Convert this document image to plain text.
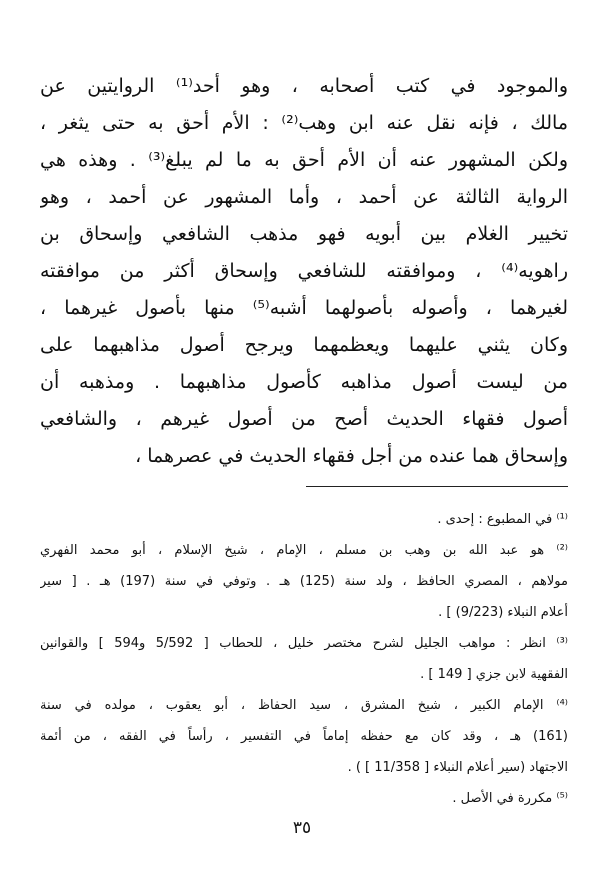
والموجود في كتب أصحابه ، وهو أحد⁽¹⁾ الروايتين عن
مالك ، فإنه نقل عنه ابن وهب⁽²⁾ : الأم أحق به حتى يثغر ،
ولكن المشهور عنه أن الأم أحق به ما لم يبلغ⁽³⁾ . وهذه هي
الرواية الثالثة عن أحمد ، وأما المشهور عن أحمد ، وهو
تخيير الغلام بين أبويه فهو مذهب الشافعي وإسحاق بن
راهويه⁽⁴⁾ ، وموافقته للشافعي وإسحاق أكثر من موافقته
لغيرهما ، وأصوله بأصولهما أشبه⁽⁵⁾ منها بأصول غيرهما ،
وكان يثني عليهما ويعظمهما ويرجح أصول مذاهبهما على
من ليست أصول مذاهبه كأصول مذاهبهما . ومذهبه أن
أصول فقهاء الحديث أصح من أصول غيرهم ، والشافعي
وإسحاق هما عنده من أجل فقهاء الحديث في عصرهما ،
⁽¹⁾ في المطبوع : إحدى .
⁽²⁾ هو عبد الله بن وهب بن مسلم ، الإمام ، شيخ الإسلام ، أبو محمد الفهري
مولاهم ، المصري الحافظ ، ولد سنة (125) هـ . وتوفي في سنة (197) هـ . [ سير
أعلام النبلاء (9/223) ] .
⁽³⁾ انظر : مواهب الجليل لشرح مختصر خليل ، للحطاب [ 5/592 و594 ] والقوانين
الفقهية لابن جزي [ 149 ] .
⁽⁴⁾ الإمام الكبير ، شيخ المشرق ، سيد الحفاظ ، أبو يعقوب ، مولده في سنة
(161) هـ ، وقد كان مع حفظه إماماً في التفسير ، رأساً في الفقه ، من أئمة
الاجتهاد (سير أعلام النبلاء [ 11/358 ] ) .
⁽⁵⁾ مكررة في الأصل .
٣٥
